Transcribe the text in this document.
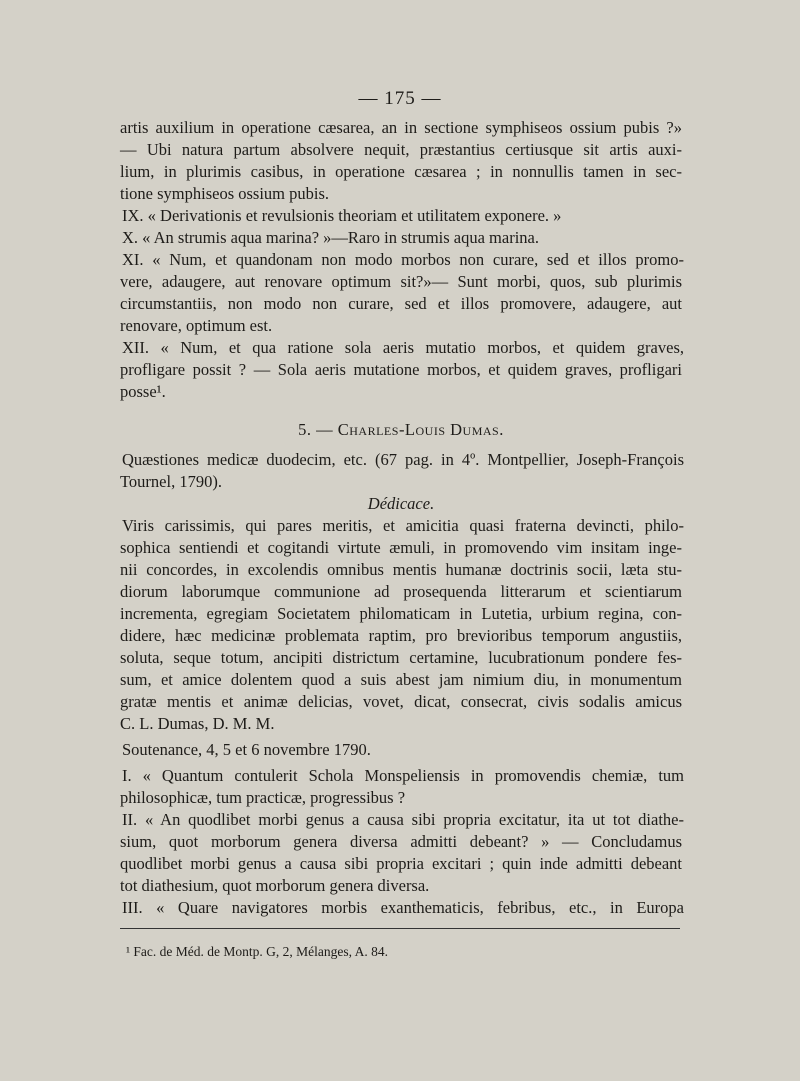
— 175 —
artis auxilium in operatione cæsarea, an in sectione symphiseos ossium pubis ?»
— Ubi natura partum absolvere nequit, præstantius certiusque sit artis auxi-
lium, in plurimis casibus, in operatione cæsarea ; in nonnullis tamen in sec-
tione symphiseos ossium pubis.
IX. « Derivationis et revulsionis theoriam et utilitatem exponere. »
X. « An strumis aqua marina? »—Raro in strumis aqua marina.
XI. « Num, et quandonam non modo morbos non curare, sed et illos promo-
vere, adaugere, aut renovare optimum sit?»— Sunt morbi, quos, sub plurimis
circumstantiis, non modo non curare, sed et illos promovere, adaugere, aut
renovare, optimum est.
XII. « Num, et qua ratione sola aeris mutatio morbos, et quidem graves,
profligare possit ? — Sola aeris mutatione morbos, et quidem graves, profligari
posse¹.
5. — Charles-Louis Dumas.
Quæstiones medicæ duodecim, etc. (67 pag. in 4º. Montpellier, Joseph-François
Tournel, 1790).
Dédicace.
Viris carissimis, qui pares meritis, et amicitia quasi fraterna devincti, philo-
sophica sentiendi et cogitandi virtute æmuli, in promovendo vim insitam inge-
nii concordes, in excolendis omnibus mentis humanæ doctrinis socii, læta stu-
diorum laborumque communione ad prosequenda litterarum et scientiarum
incrementa, egregiam Societatem philomaticam in Lutetia, urbium regina, con-
didere, hæc medicinæ problemata raptim, pro brevioribus temporum angustiis,
soluta, seque totum, ancipiti districtum certamine, lucubrationum pondere fes-
sum, et amice dolentem quod a suis abest jam nimium diu, in monumentum
gratæ mentis et animæ delicias, vovet, dicat, consecrat, civis sodalis amicus
C. L. Dumas, D. M. M.
Soutenance, 4, 5 et 6 novembre 1790.
I. « Quantum contulerit Schola Monspeliensis in promovendis chemiæ, tum
philosophicæ, tum practicæ, progressibus ?
II. « An quodlibet morbi genus a causa sibi propria excitatur, ita ut tot diathe-
sium, quot morborum genera diversa admitti debeant? » — Concludamus
quodlibet morbi genus a causa sibi propria excitari ; quin inde admitti debeant
tot diathesium, quot morborum genera diversa.
III. « Quare navigatores morbis exanthematicis, febribus, etc., in Europa
¹ Fac. de Méd. de Montp. G, 2, Mélanges, A. 84.
